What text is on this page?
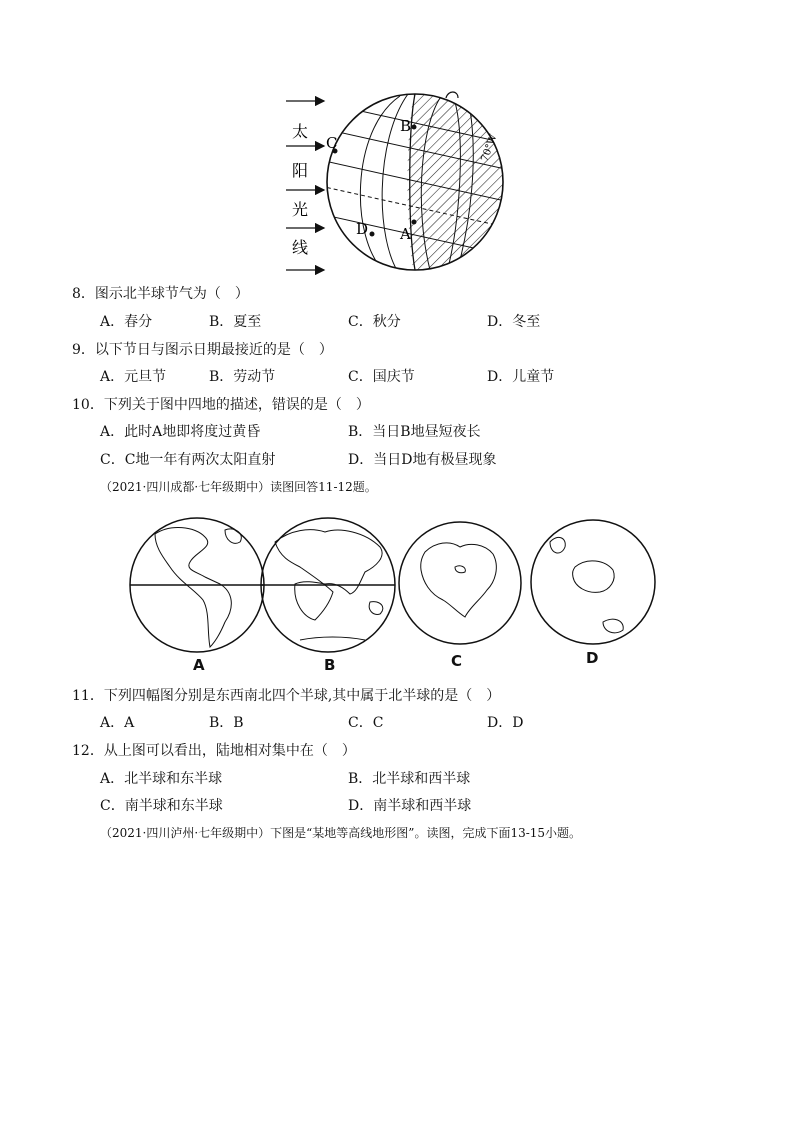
太
阳
光
线
B
C
A
D
70°W
8．图示北半球节气为（　）
A．春分	B．夏至	C．秋分	D．冬至
9．以下节日与图示日期最接近的是（　）
A．元旦节	B．劳动节	C．国庆节	D．儿童节
10．下列关于图中四地的描述，错误的是（　）
A．此时A地即将度过黄昏	B．当日B地昼短夜长
C．C地一年有两次太阳直射	D．当日D地有极昼现象
（2021·四川成都·七年级期中）读图回答11-12题。
A	B	C	D
11．下列四幅图分别是东西南北四个半球,其中属于北半球的是（　）
A．A	B．B	C．C	D．D
12．从上图可以看出，陆地相对集中在（　）
A．北半球和东半球	B．北半球和西半球
C．南半球和东半球	D．南半球和西半球
（2021·四川泸州·七年级期中）下图是“某地等高线地形图”。读图，完成下面13-15小题。
